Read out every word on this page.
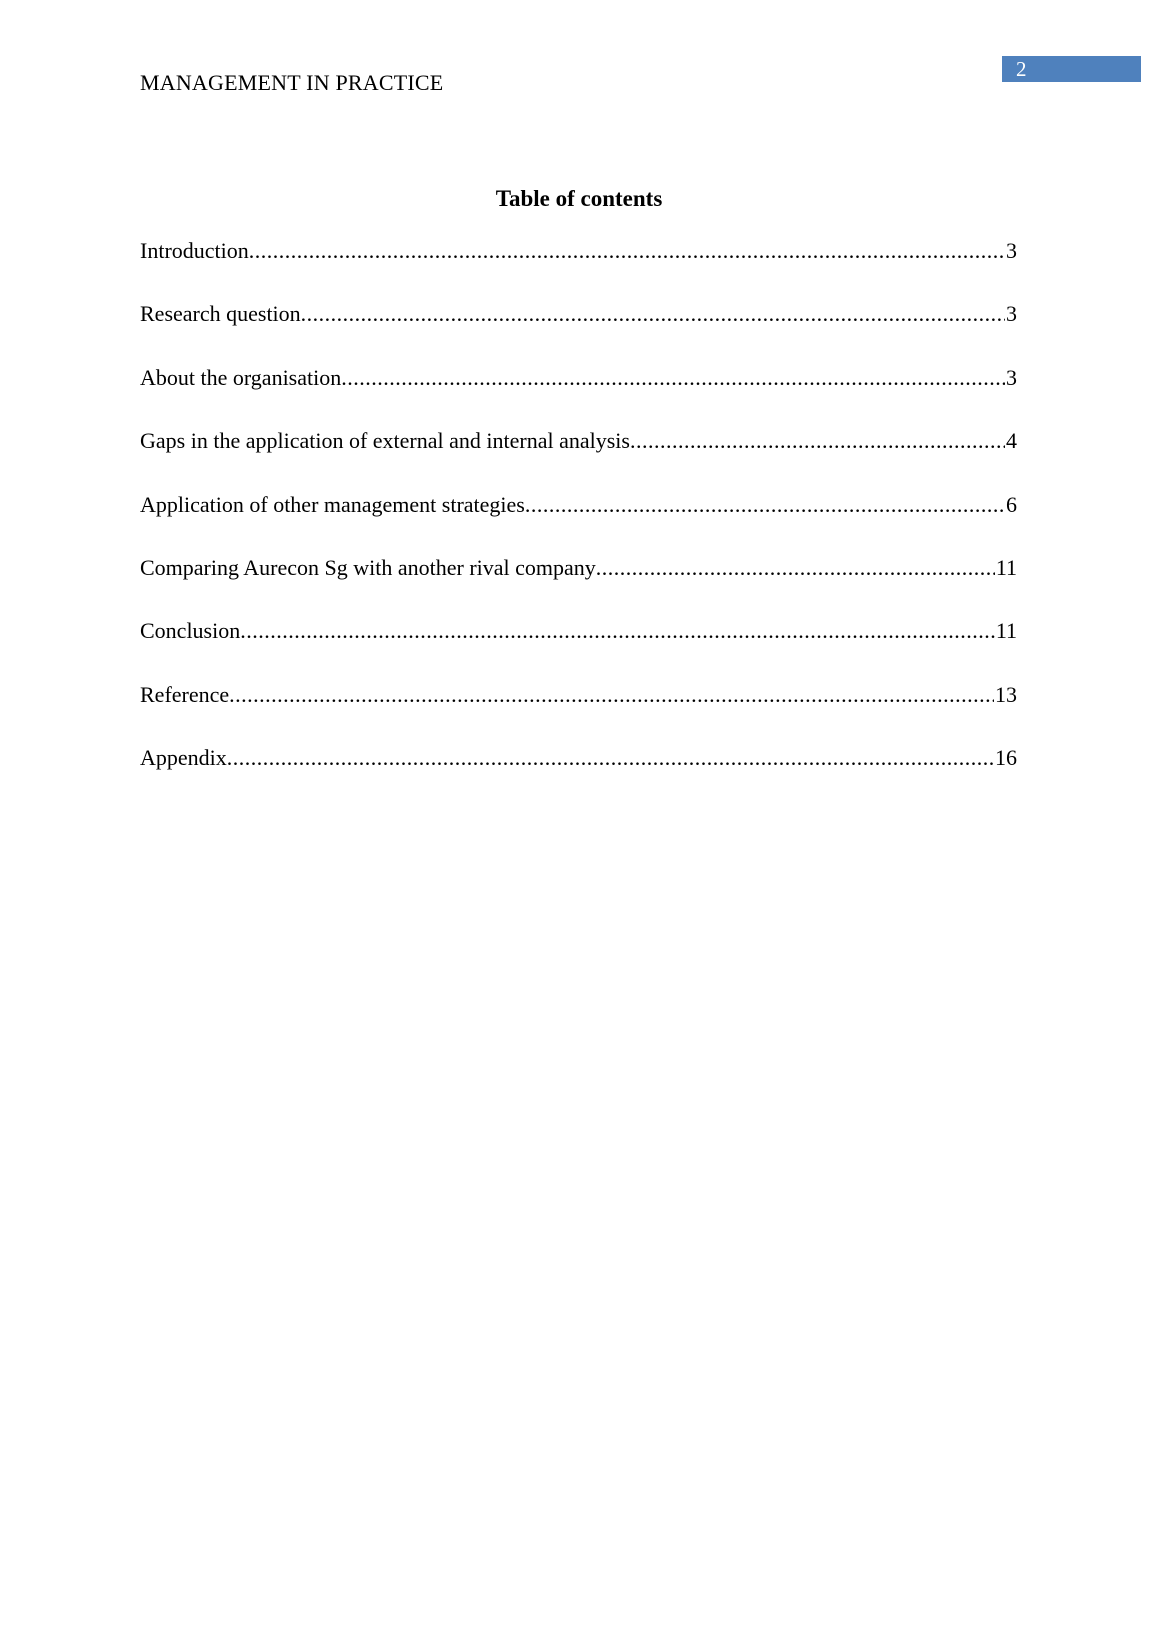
MANAGEMENT IN PRACTICE
2
Table of contents
Introduction .....	3
Research question .....	3
About the organisation .....	3
Gaps in the application of external and internal analysis .....	4
Application of other management strategies .....	6
Comparing Aurecon Sg with another rival company .....	11
Conclusion .....	11
Reference .....	13
Appendix .....	16
